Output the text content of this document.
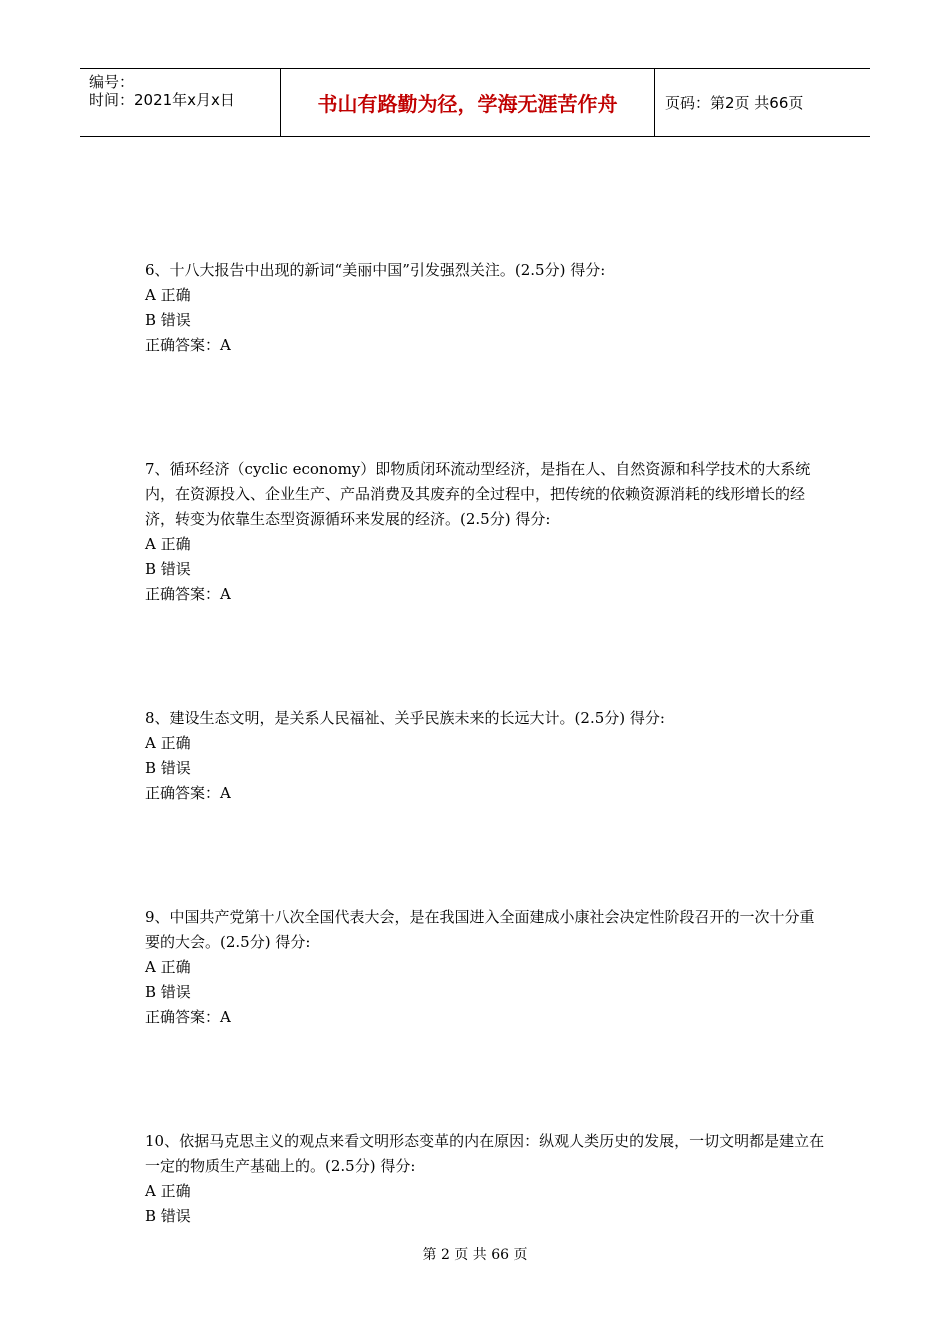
编号：
时间：2021年x月x日	书山有路勤为径，学海无涯苦作舟	页码：第2页 共66页

6、十八大报告中出现的新词“美丽中国”引发强烈关注。(2.5分) 得分:

A 正确

B 错误

正确答案：A

7、循环经济（cyclic economy）即物质闭环流动型经济，是指在人、自然资源和科学技术的大系统内，在资源投入、企业生产、产品消费及其废弃的全过程中，把传统的依赖资源消耗的线形增长的经济，转变为依靠生态型资源循环来发展的经济。(2.5分) 得分:

A 正确

B 错误

正确答案：A

8、建设生态文明，是关系人民福祉、关乎民族未来的长远大计。(2.5分) 得分:

A 正确

B 错误

正确答案：A

9、中国共产党第十八次全国代表大会，是在我国进入全面建成小康社会决定性阶段召开的一次十分重要的大会。(2.5分) 得分:

A 正确

B 错误

正确答案：A

10、依据马克思主义的观点来看文明形态变革的内在原因：纵观人类历史的发展，一切文明都是建立在一定的物质生产基础上的。(2.5分) 得分:

A 正确

B 错误

第 2 页 共 66 页
